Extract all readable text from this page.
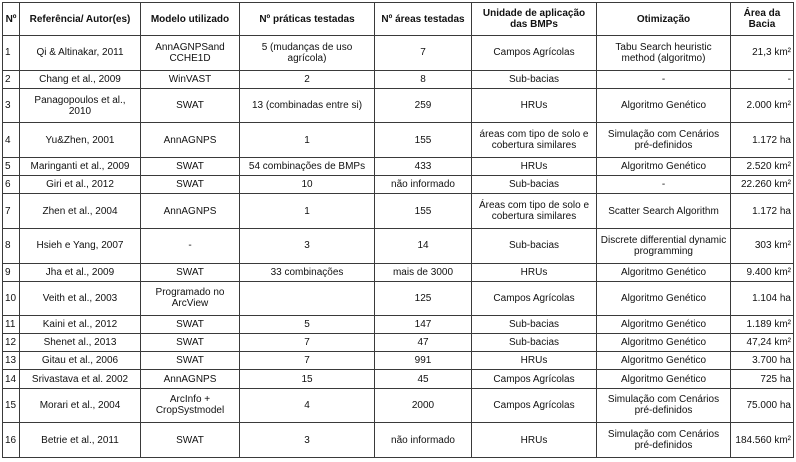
Nº	Referência/ Autor(es)	Modelo utilizado	Nº práticas testadas	Nº áreas testadas	Unidade de aplicação das BMPs	Otimização	Área da Bacia
1	Qi & Altinakar, 2011	AnnAGNPSand CCHE1D	5 (mudanças de uso agrícola)	7	Campos Agrícolas	Tabu Search heuristic method (algoritmo)	21,3 km²
2	Chang et al., 2009	WinVAST	2	8	Sub-bacias	-	-
3	Panagopoulos et al., 2010	SWAT	13 (combinadas entre si)	259	HRUs	Algoritmo Genético	2.000 km²
4	Yu&Zhen, 2001	AnnAGNPS	1	155	áreas com tipo de solo e cobertura similares	Simulação com Cenários pré-definidos	1.172 ha
5	Maringanti et al., 2009	SWAT	54 combinações de BMPs	433	HRUs	Algoritmo Genético	2.520 km²
6	Giri et al., 2012	SWAT	10	não informado	Sub-bacias	-	22.260 km²
7	Zhen et al., 2004	AnnAGNPS	1	155	Áreas com tipo de solo e cobertura similares	Scatter Search Algorithm	1.172 ha
8	Hsieh e Yang, 2007	-	3	14	Sub-bacias	Discrete differential dynamic programming	303 km²
9	Jha et al., 2009	SWAT	33 combinações	mais de 3000	HRUs	Algoritmo Genético	9.400 km²
10	Veith et al., 2003	Programado no ArcView		125	Campos Agrícolas	Algoritmo Genético	1.104 ha
11	Kaini et al., 2012	SWAT	5	147	Sub-bacias	Algoritmo Genético	1.189 km²
12	Shenet al., 2013	SWAT	7	47	Sub-bacias	Algoritmo Genético	47,24 km²
13	Gitau et al., 2006	SWAT	7	991	HRUs	Algoritmo Genético	3.700 ha
14	Srivastava et al. 2002	AnnAGNPS	15	45	Campos Agrícolas	Algoritmo Genético	725 ha
15	Morari et al., 2004	ArcInfo + CropSystmodel	4	2000	Campos Agrícolas	Simulação com Cenários pré-definidos	75.000 ha
16	Betrie et al., 2011	SWAT	3	não informado	HRUs	Simulação com Cenários pré-definidos	184.560 km²
